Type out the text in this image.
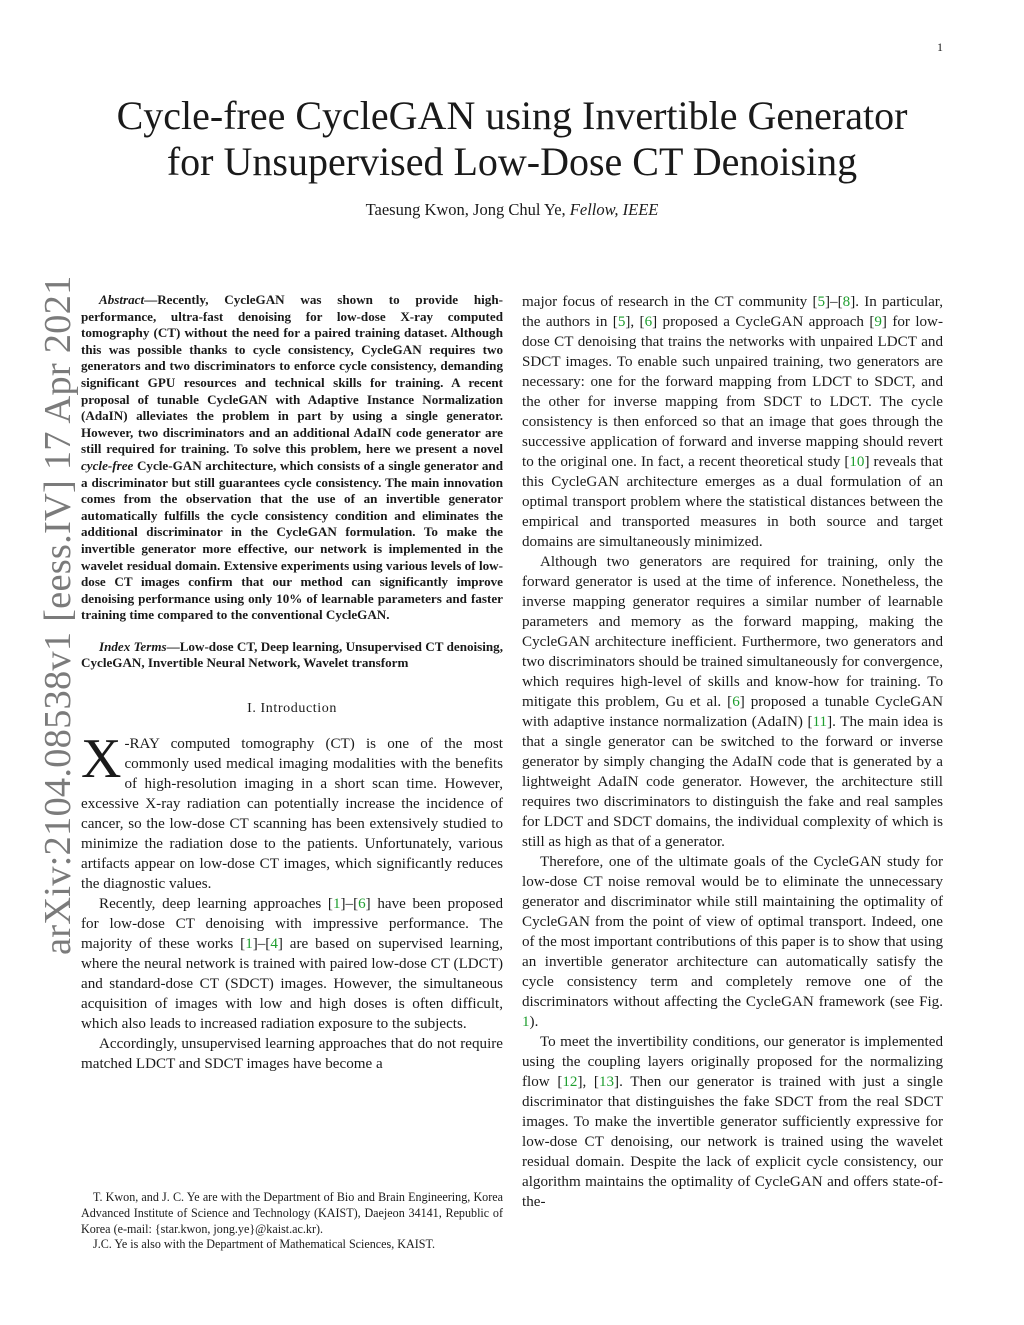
1
arXiv:2104.08538v1 [eess.IV] 17 Apr 2021
Cycle-free CycleGAN using Invertible Generator
for Unsupervised Low-Dose CT Denoising
Taesung Kwon, Jong Chul Ye, Fellow, IEEE

Abstract—Recently, CycleGAN was shown to provide high-performance, ultra-fast denoising for low-dose X-ray computed tomography (CT) without the need for a paired training dataset. Although this was possible thanks to cycle consistency, CycleGAN requires two generators and two discriminators to enforce cycle consistency, demanding significant GPU resources and technical skills for training. A recent proposal of tunable CycleGAN with Adaptive Instance Normalization (AdaIN) alleviates the problem in part by using a single generator. However, two discriminators and an additional AdaIN code generator are still required for training. To solve this problem, here we present a novel cycle-free Cycle-GAN architecture, which consists of a single generator and a discriminator but still guarantees cycle consistency. The main innovation comes from the observation that the use of an invertible generator automatically fulfills the cycle consistency condition and eliminates the additional discriminator in the CycleGAN formulation. To make the invertible generator more effective, our network is implemented in the wavelet residual domain. Extensive experiments using various levels of low-dose CT images confirm that our method can significantly improve denoising performance using only 10% of learnable parameters and faster training time compared to the conventional CycleGAN.

Index Terms—Low-dose CT, Deep learning, Unsupervised CT denoising, CycleGAN, Invertible Neural Network, Wavelet transform

I. Introduction

X -RAY computed tomography (CT) is one of the most commonly used medical imaging modalities with the benefits of high-resolution imaging in a short scan time. However, excessive X-ray radiation can potentially increase the incidence of cancer, so the low-dose CT scanning has been extensively studied to minimize the radiation dose to the patients. Unfortunately, various artifacts appear on low-dose CT images, which significantly reduces the diagnostic values.

Recently, deep learning approaches [1]–[6] have been proposed for low-dose CT denoising with impressive performance. The majority of these works [1]–[4] are based on supervised learning, where the neural network is trained with paired low-dose CT (LDCT) and standard-dose CT (SDCT) images. However, the simultaneous acquisition of images with low and high doses is often difficult, which also leads to increased radiation exposure to the subjects.

Accordingly, unsupervised learning approaches that do not require matched LDCT and SDCT images have become a

T. Kwon, and J. C. Ye are with the Department of Bio and Brain Engineering, Korea Advanced Institute of Science and Technology (KAIST), Daejeon 34141, Republic of Korea (e-mail: {star.kwon, jong.ye}@kaist.ac.kr).

J.C. Ye is also with the Department of Mathematical Sciences, KAIST.

major focus of research in the CT community [5]–[8]. In particular, the authors in [5], [6] proposed a CycleGAN approach [9] for low-dose CT denoising that trains the networks with unpaired LDCT and SDCT images. To enable such unpaired training, two generators are necessary: one for the forward mapping from LDCT to SDCT, and the other for inverse mapping from SDCT to LDCT. The cycle consistency is then enforced so that an image that goes through the successive application of forward and inverse mapping should revert to the original one. In fact, a recent theoretical study [10] reveals that this CycleGAN architecture emerges as a dual formulation of an optimal transport problem where the statistical distances between the empirical and transported measures in both source and target domains are simultaneously minimized.

Although two generators are required for training, only the forward generator is used at the time of inference. Nonetheless, the inverse mapping generator requires a similar number of learnable parameters and memory as the forward mapping, making the CycleGAN architecture inefficient. Furthermore, two generators and two discriminators should be trained simultaneously for convergence, which requires high-level of skills and know-how for training. To mitigate this problem, Gu et al. [6] proposed a tunable CycleGAN with adaptive instance normalization (AdaIN) [11]. The main idea is that a single generator can be switched to the forward or inverse generator by simply changing the AdaIN code that is generated by a lightweight AdaIN code generator. However, the architecture still requires two discriminators to distinguish the fake and real samples for LDCT and SDCT domains, the individual complexity of which is still as high as that of a generator.

Therefore, one of the ultimate goals of the CycleGAN study for low-dose CT noise removal would be to eliminate the unnecessary generator and discriminator while still maintaining the optimality of CycleGAN from the point of view of optimal transport. Indeed, one of the most important contributions of this paper is to show that using an invertible generator architecture can automatically satisfy the cycle consistency term and completely remove one of the discriminators without affecting the CycleGAN framework (see Fig. 1).

To meet the invertibility conditions, our generator is implemented using the coupling layers originally proposed for the normalizing flow [12], [13]. Then our generator is trained with just a single discriminator that distinguishes the fake SDCT from the real SDCT images. To make the invertible generator sufficiently expressive for low-dose CT denoising, our network is trained using the wavelet residual domain. Despite the lack of explicit cycle consistency, our algorithm maintains the optimality of CycleGAN and offers state-of-the-
